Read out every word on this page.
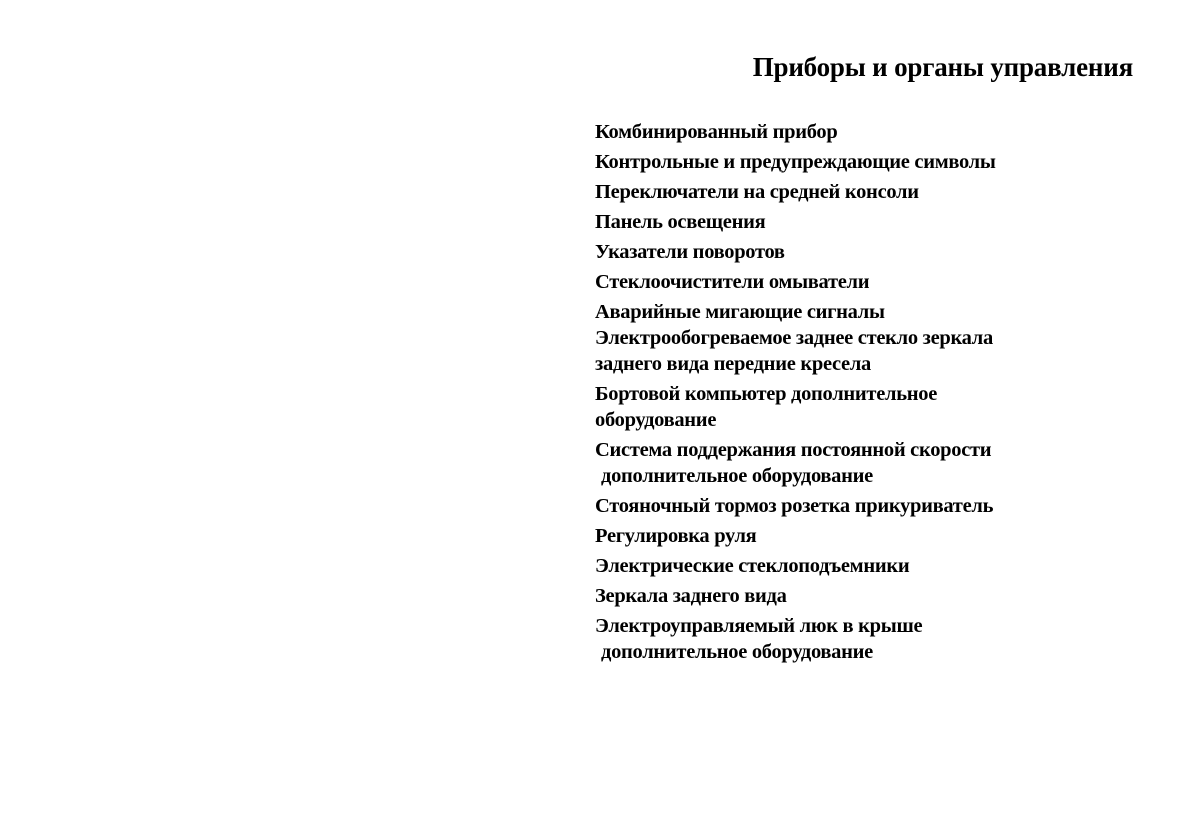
Приборы и органы управления
Комбинированный прибор
Контрольные и предупреждающие символы
Переключатели на средней консоли
Панель освещения
Указатели поворотов
Стеклоочистители омыватели
Аварийные мигающие сигналы
Электрообогреваемое заднее стекло зеркала
заднего вида передние кресела
Бортовой компьютер дополнительное
оборудование
Система поддержания постоянной скорости
дополнительное оборудование
Стояночный тормоз розетка прикуриватель
Регулировка руля
Электрические стеклоподъемники
Зеркала заднего вида
Электроуправляемый люк в крыше
дополнительное оборудование
